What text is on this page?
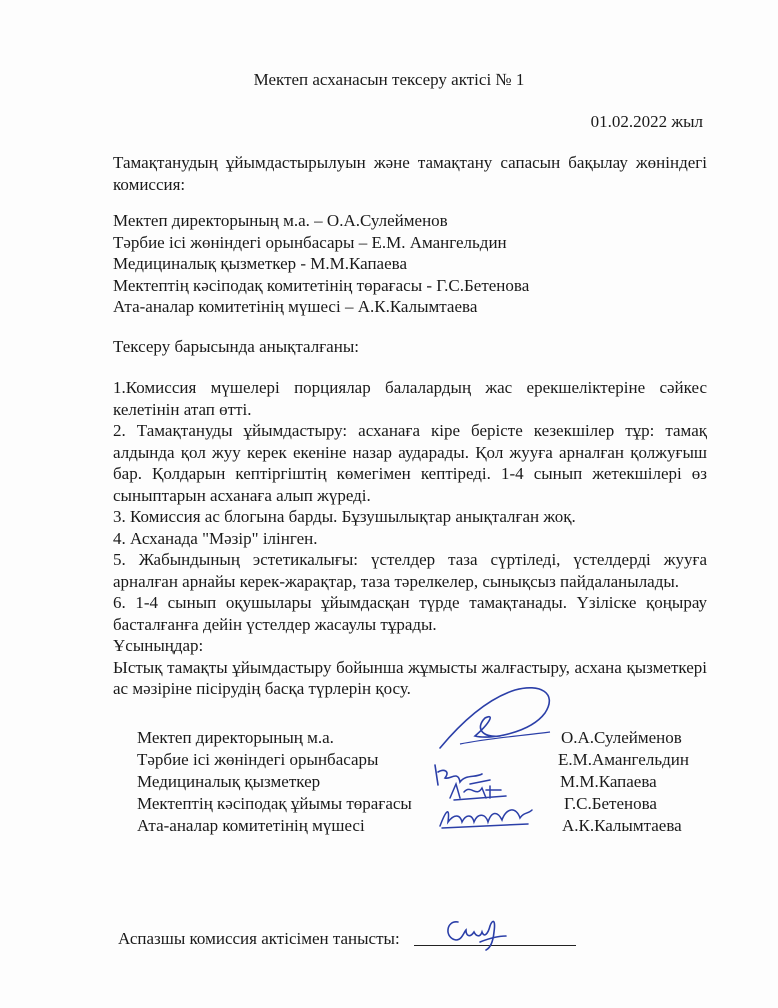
Мектеп асханасын тексеру актісі № 1
01.02.2022 жыл
Тамақтанудың ұйымдастырылуын және тамақтану сапасын бақылау жөніндегі комиссия:
Мектеп директорының м.а. – О.А.Сулейменов
Тәрбие ісі жөніндегі орынбасары – Е.М. Амангельдин
Медициналық қызметкер - М.М.Капаева
Мектептің кәсіподақ комитетінің төрағасы - Г.С.Бетенова
Ата-аналар комитетінің мүшесі – А.К.Калымтаева
Тексеру барысында анықталғаны:
1.Комиссия мүшелері порциялар балалардың жас ерекшеліктеріне сәйкес келетінін атап өтті.
2. Тамақтануды ұйымдастыру: асханаға кіре берісте кезекшілер тұр: тамақ алдында қол жуу керек екеніне назар аударады. Қол жууға арналған қолжуғыш бар. Қолдарын кептіргіштің көмегімен кептіреді. 1-4 сынып жетекшілері өз сыныптарын асханаға алып жүреді.
3. Комиссия ас блогына барды. Бұзушылықтар анықталған жоқ.
4. Асханада "Мәзір" ілінген.
5. Жабындының эстетикалығы: үстелдер таза сүртіледі, үстелдерді жууға арналған арнайы керек-жарақтар, таза тәрелкелер, сынықсыз пайдаланылады.
6. 1-4 сынып оқушылары ұйымдасқан түрде тамақтанады. Үзіліске қоңырау басталғанға дейін үстелдер жасаулы тұрады.
Ұсыныңдар:
Ыстық тамақты ұйымдастыру бойынша жұмысты жалғастыру, асхана қызметкері ас мәзіріне пісірудің басқа түрлерін қосу.
Мектеп директорының м.а.	О.А.Сулейменов
Тәрбие ісі жөніндегі орынбасары	Е.М.Амангельдин
Медициналық қызметкер	М.М.Капаева
Мектептің кәсіподақ ұйымы төрағасы	Г.С.Бетенова
Ата-аналар комитетінің мүшесі	А.К.Калымтаева
Аспазшы комиссия актісімен танысты:
